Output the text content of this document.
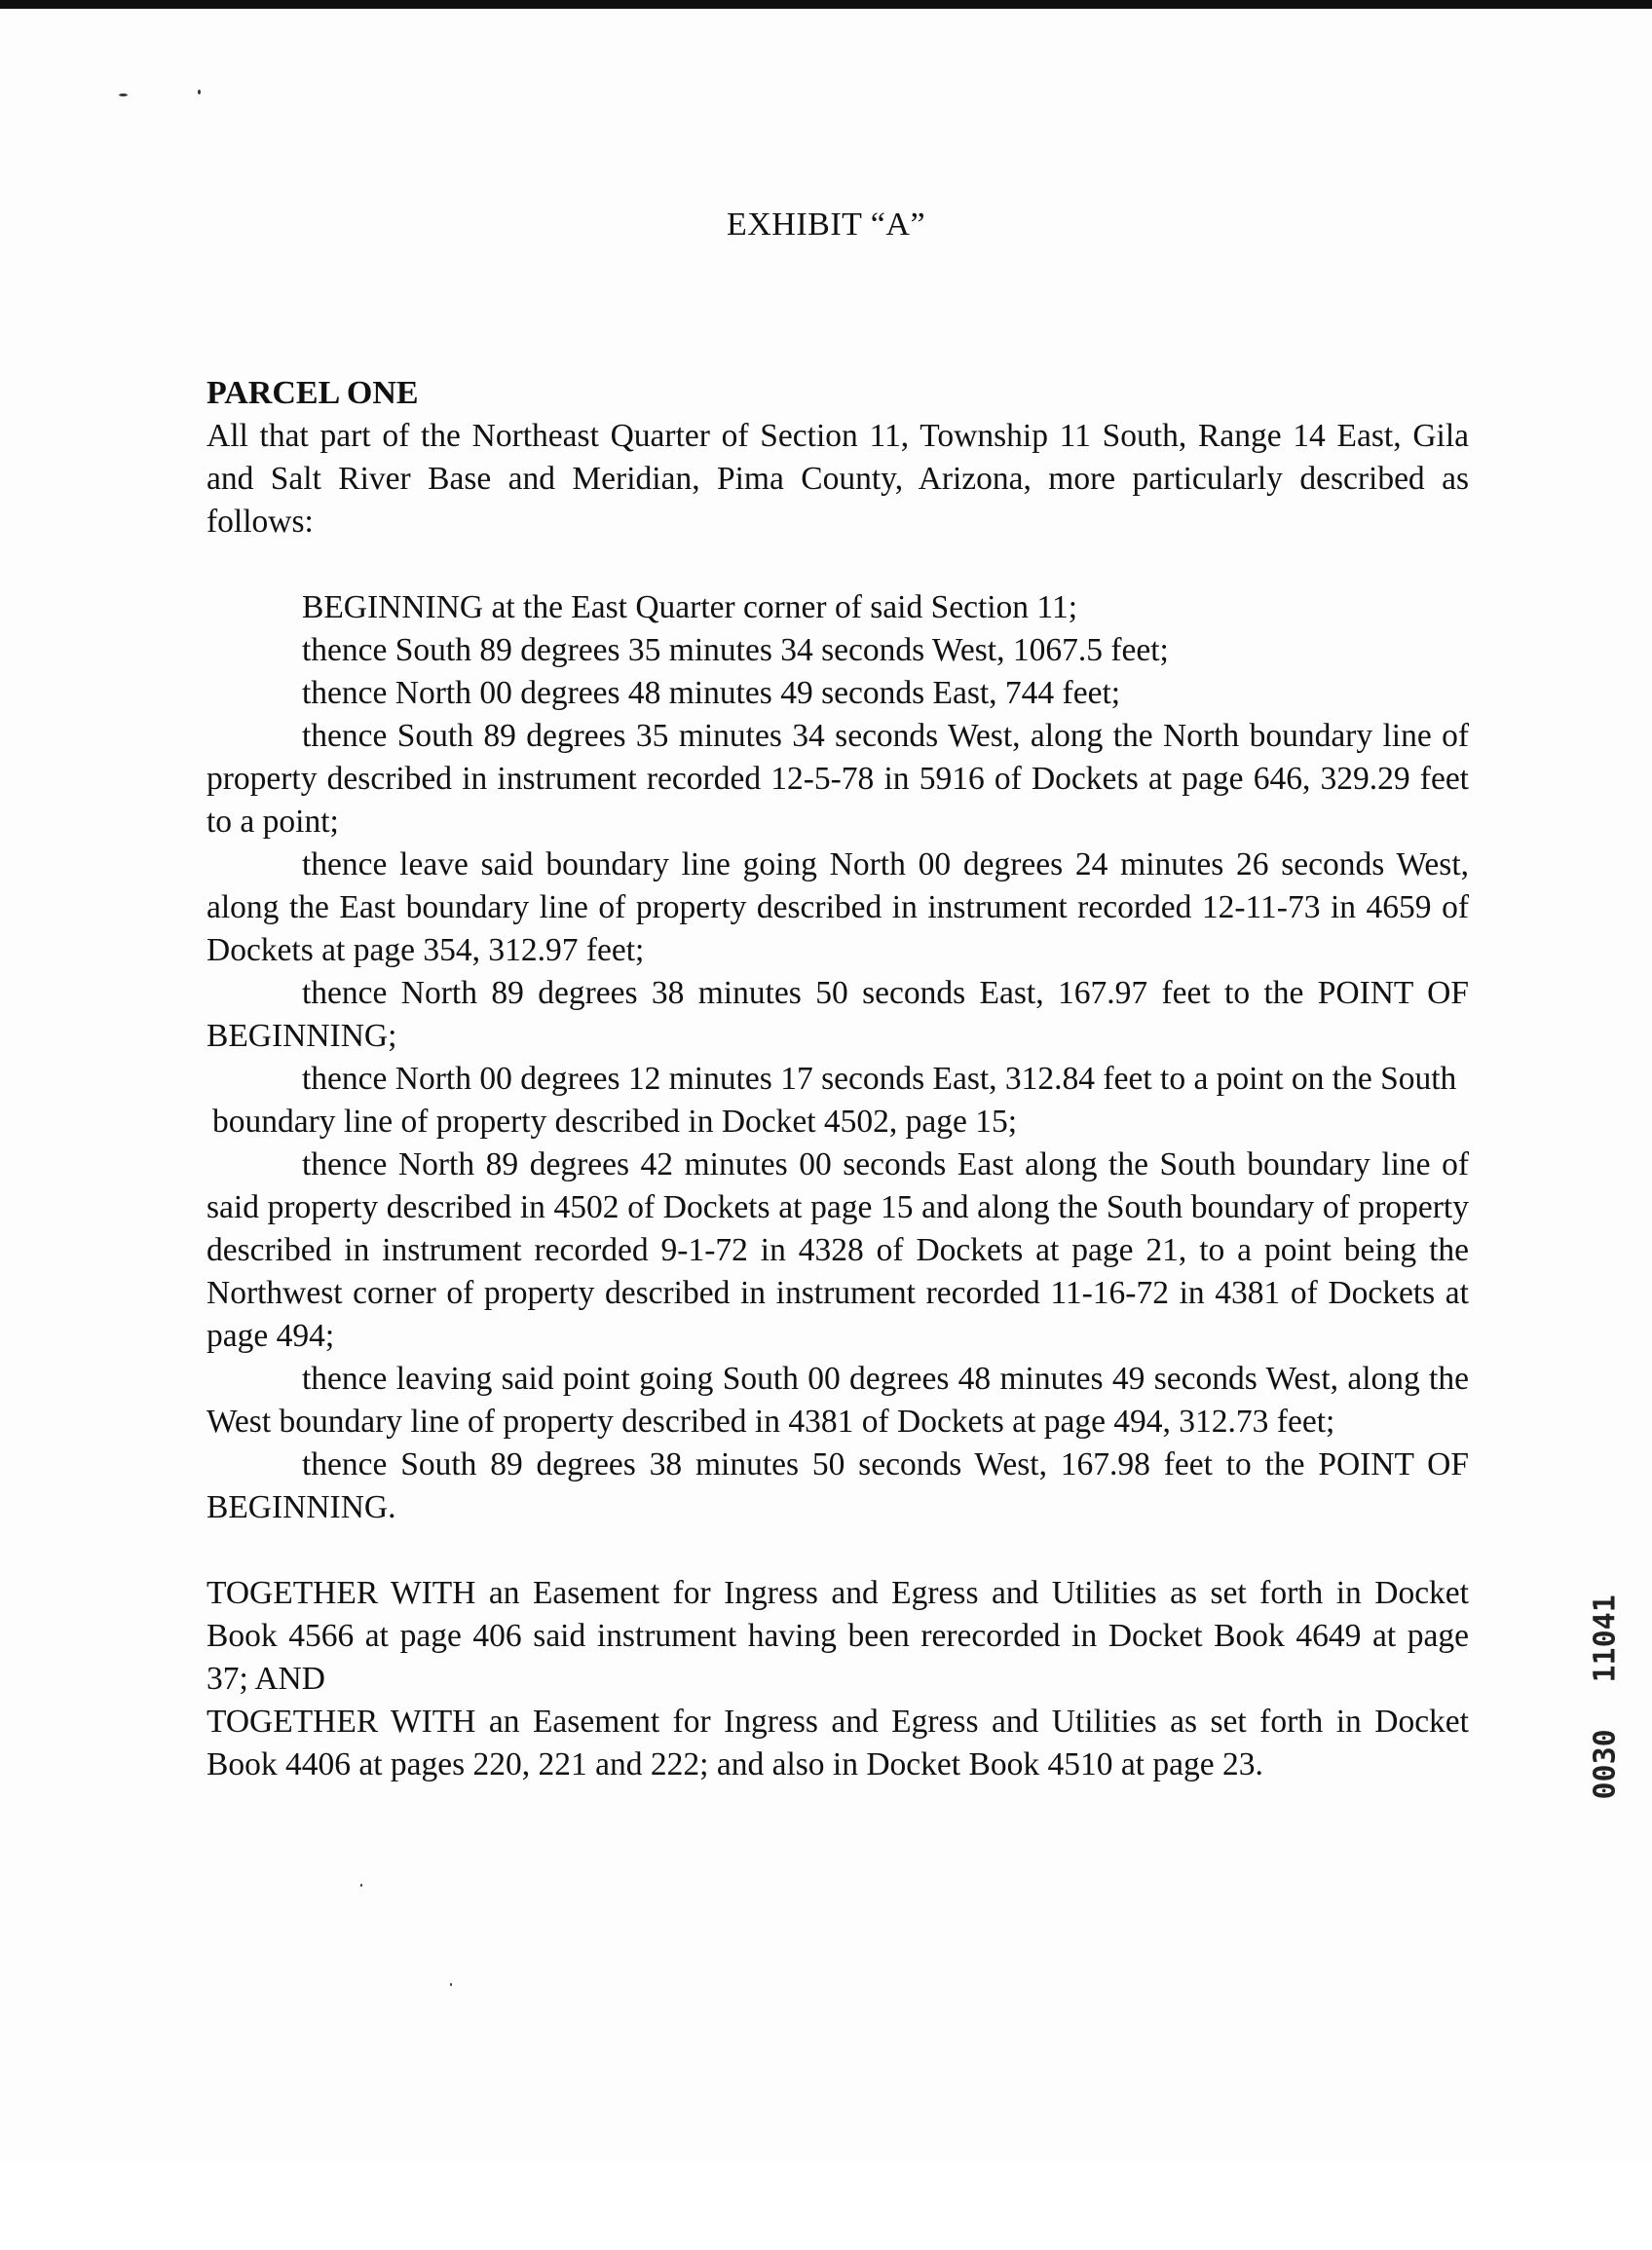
EXHIBIT “A”
PARCEL ONE

All that part of the Northeast Quarter of Section 11, Township 11 South, Range 14 East, Gila and Salt River Base and Meridian, Pima County, Arizona, more particularly described as follows:

BEGINNING at the East Quarter corner of said Section 11;

thence South 89 degrees 35 minutes 34 seconds West, 1067.5 feet;

thence North 00 degrees 48 minutes 49 seconds East, 744 feet;

thence South 89 degrees 35 minutes 34 seconds West, along the North boundary line of property described in instrument recorded 12-5-78 in 5916 of Dockets at page 646, 329.29 feet to a point;

thence leave said boundary line going North 00 degrees 24 minutes 26 seconds West, along the East boundary line of property described in instrument recorded 12-11-73 in 4659 of Dockets at page 354, 312.97 feet;

thence North 89 degrees 38 minutes 50 seconds East, 167.97 feet to the POINT OF BEGINNING;

thence North 00 degrees 12 minutes 17 seconds East, 312.84 feet to a point on the South

boundary line of property described in Docket 4502, page 15;

thence North 89 degrees 42 minutes 00 seconds East along the South boundary line of said property described in 4502 of Dockets at page 15 and along the South boundary of property described in instrument recorded 9-1-72 in 4328 of Dockets at page 21, to a point being the Northwest corner of property described in instrument recorded 11-16-72 in 4381 of Dockets at page 494;

thence leaving said point going South 00 degrees 48 minutes 49 seconds West, along the West boundary line of property described in 4381 of Dockets at page 494, 312.73 feet;

thence South 89 degrees 38 minutes 50 seconds West, 167.98 feet to the POINT OF BEGINNING.

TOGETHER WITH an Easement for Ingress and Egress and Utilities as set forth in Docket Book 4566 at page 406 said instrument having been rerecorded in Docket Book 4649 at page 37; AND

TOGETHER WITH an Easement for Ingress and Egress and Utilities as set forth in Docket Book 4406 at pages 220, 221 and 222; and also in Docket Book 4510 at page 23.

11041
0030
